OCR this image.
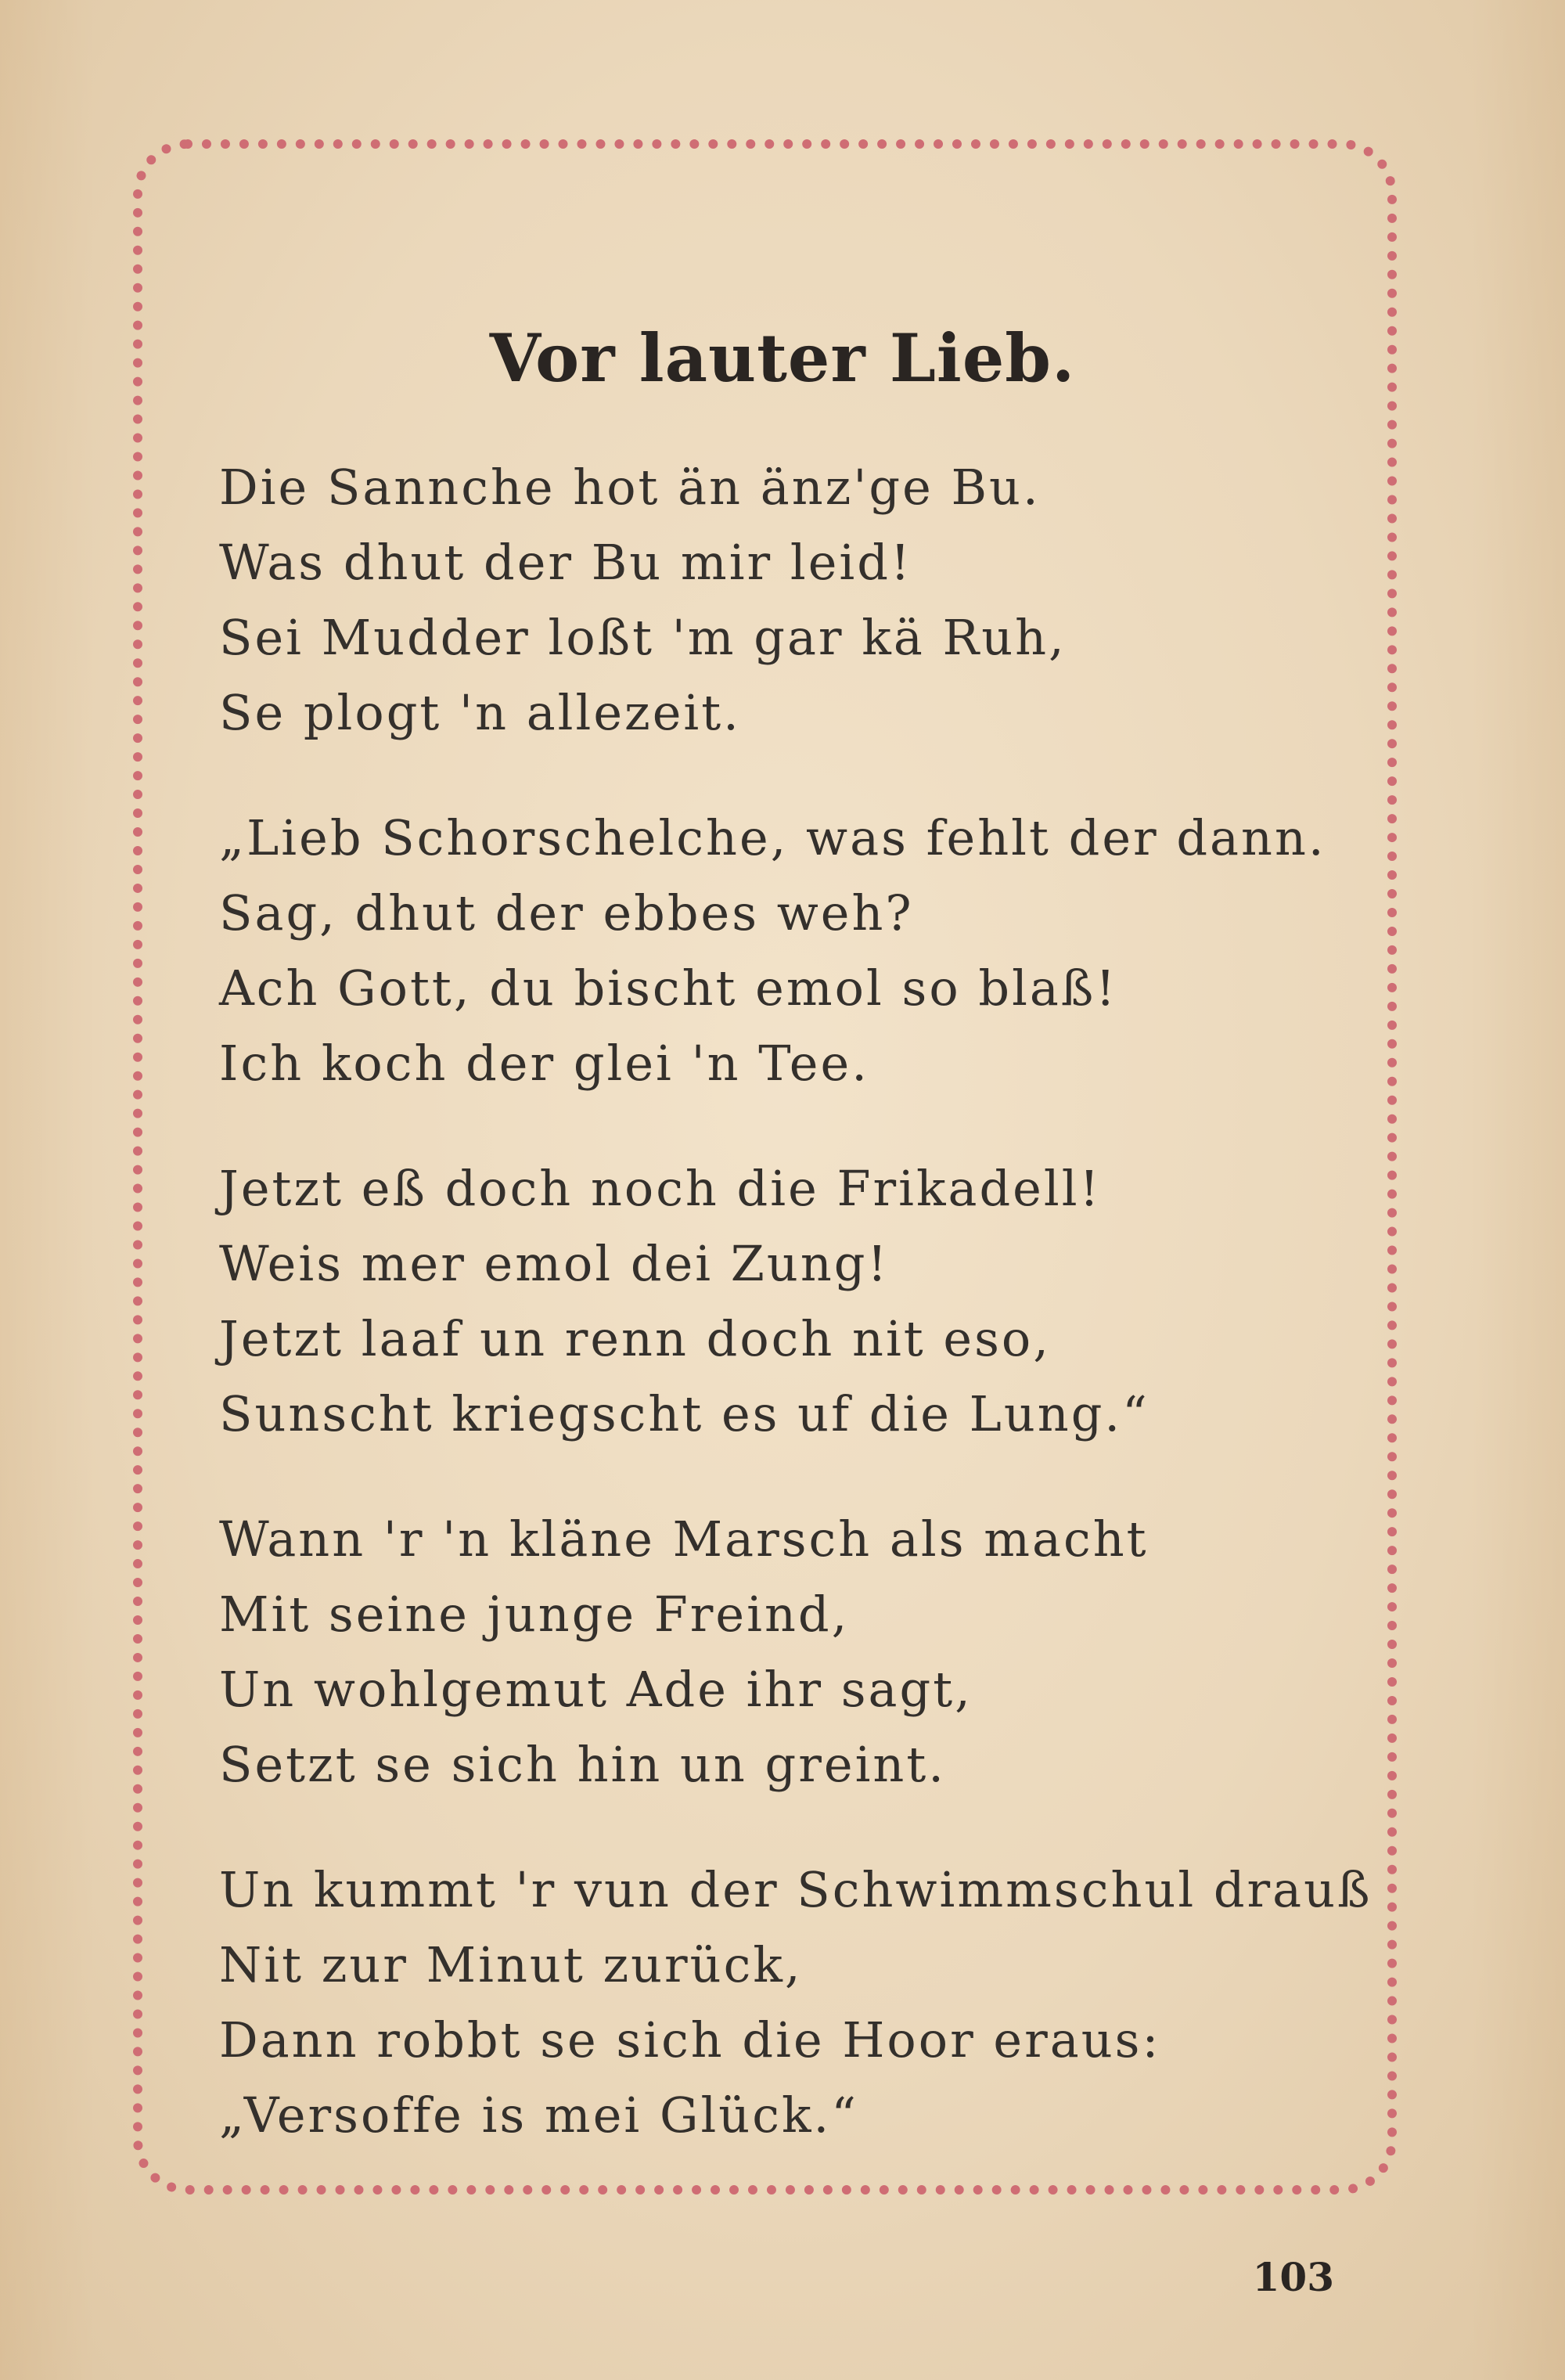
Vor lauter Lieb.
Die Sannche hot än änz'ge Bu.
Was dhut der Bu mir leid!
Sei Mudder loßt 'm gar kä Ruh,
Se plogt 'n allezeit.
„Lieb Schorschelche, was fehlt der dann.
Sag, dhut der ebbes weh?
Ach Gott, du bischt emol so blaß!
Ich koch der glei 'n Tee.
Jetzt eß doch noch die Frikadell!
Weis mer emol dei Zung!
Jetzt laaf un renn doch nit eso,
Sunscht kriegscht es uf die Lung.“
Wann 'r 'n kläne Marsch als macht
Mit seine junge Freind,
Un wohlgemut Ade ihr sagt,
Setzt se sich hin un greint.
Un kummt 'r vun der Schwimmschul drauß
Nit zur Minut zurück,
Dann robbt se sich die Hoor eraus:
„Versoffe is mei Glück.“
103
